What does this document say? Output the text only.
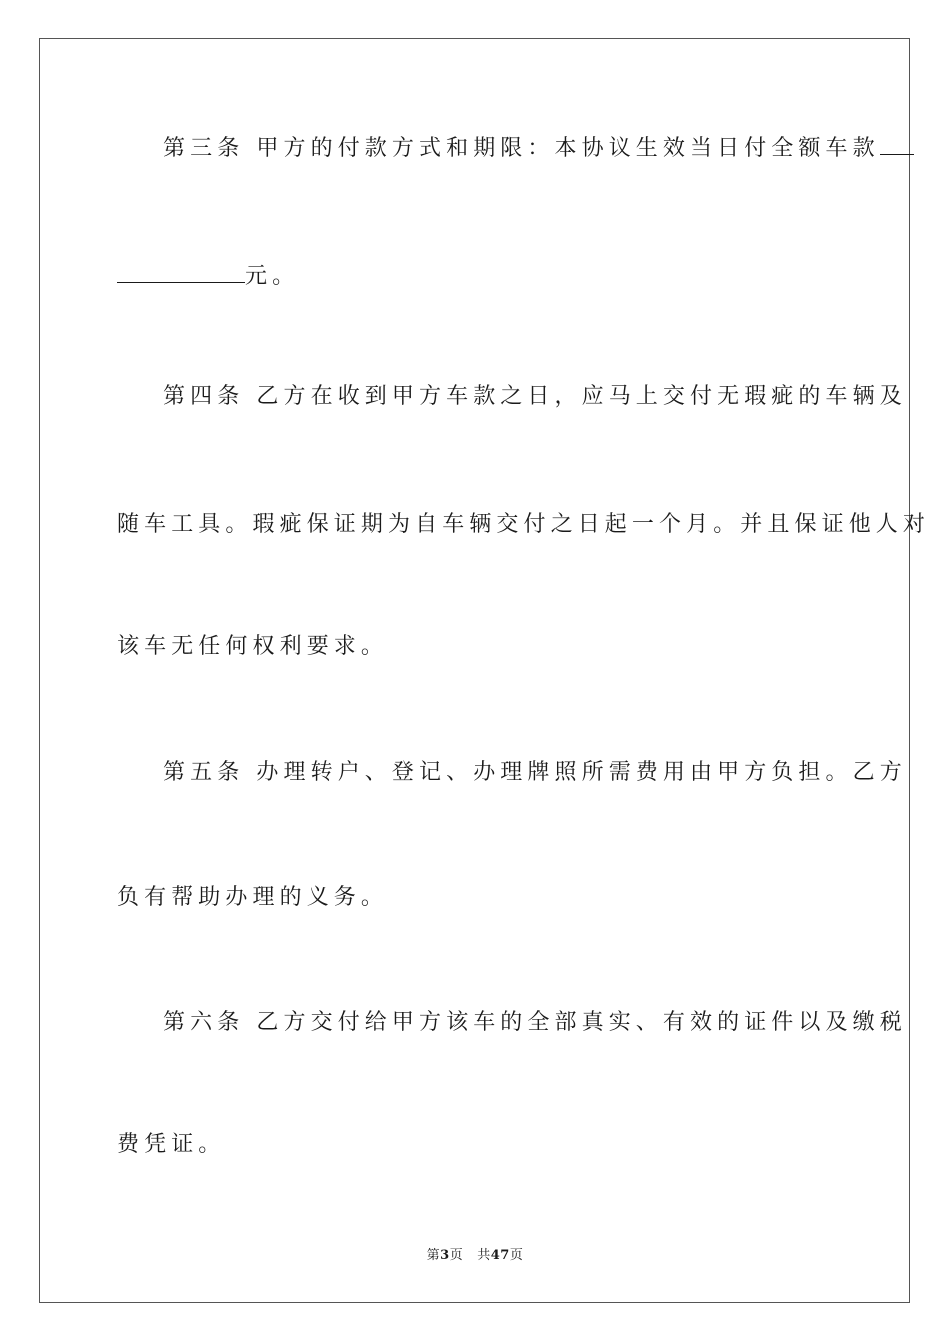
第三条 甲方的付款方式和期限：本协议生效当日付全额车款
元。
第四条 乙方在收到甲方车款之日，应马上交付无瑕疵的车辆及
随车工具。瑕疵保证期为自车辆交付之日起一个月。并且保证他人对
该车无任何权利要求。
第五条 办理转户、登记、办理牌照所需费用由甲方负担。乙方
负有帮助办理的义务。
第六条 乙方交付给甲方该车的全部真实、有效的证件以及缴税
费凭证。
第3页 共47页
